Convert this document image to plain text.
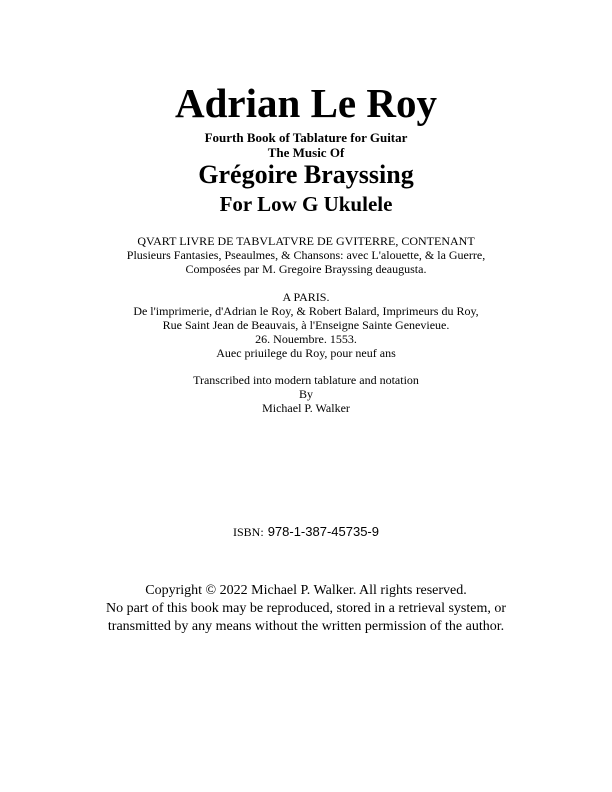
Adrian Le Roy
Fourth Book of Tablature for Guitar
The Music Of
Grégoire Brayssing
For Low G Ukulele
QVART LIVRE DE TABVLATVRE DE GVITERRE, CONTENANT
Plusieurs Fantasies, Pseaulmes, & Chansons: avec L'alouette, & la Guerre,
Composées par M. Gregoire Brayssing deaugusta.
A PARIS.
De l'imprimerie, d'Adrian le Roy, & Robert Balard, Imprimeurs du Roy,
Rue Saint Jean de Beauvais, à l'Enseigne Sainte Genevieue.
26. Nouembre. 1553.
Auec priuilege du Roy, pour neuf ans
Transcribed into modern tablature and notation
By
Michael P. Walker
ISBN: 978-1-387-45735-9
Copyright © 2022 Michael P. Walker. All rights reserved.
No part of this book may be reproduced, stored in a retrieval system, or
transmitted by any means without the written permission of the author.
